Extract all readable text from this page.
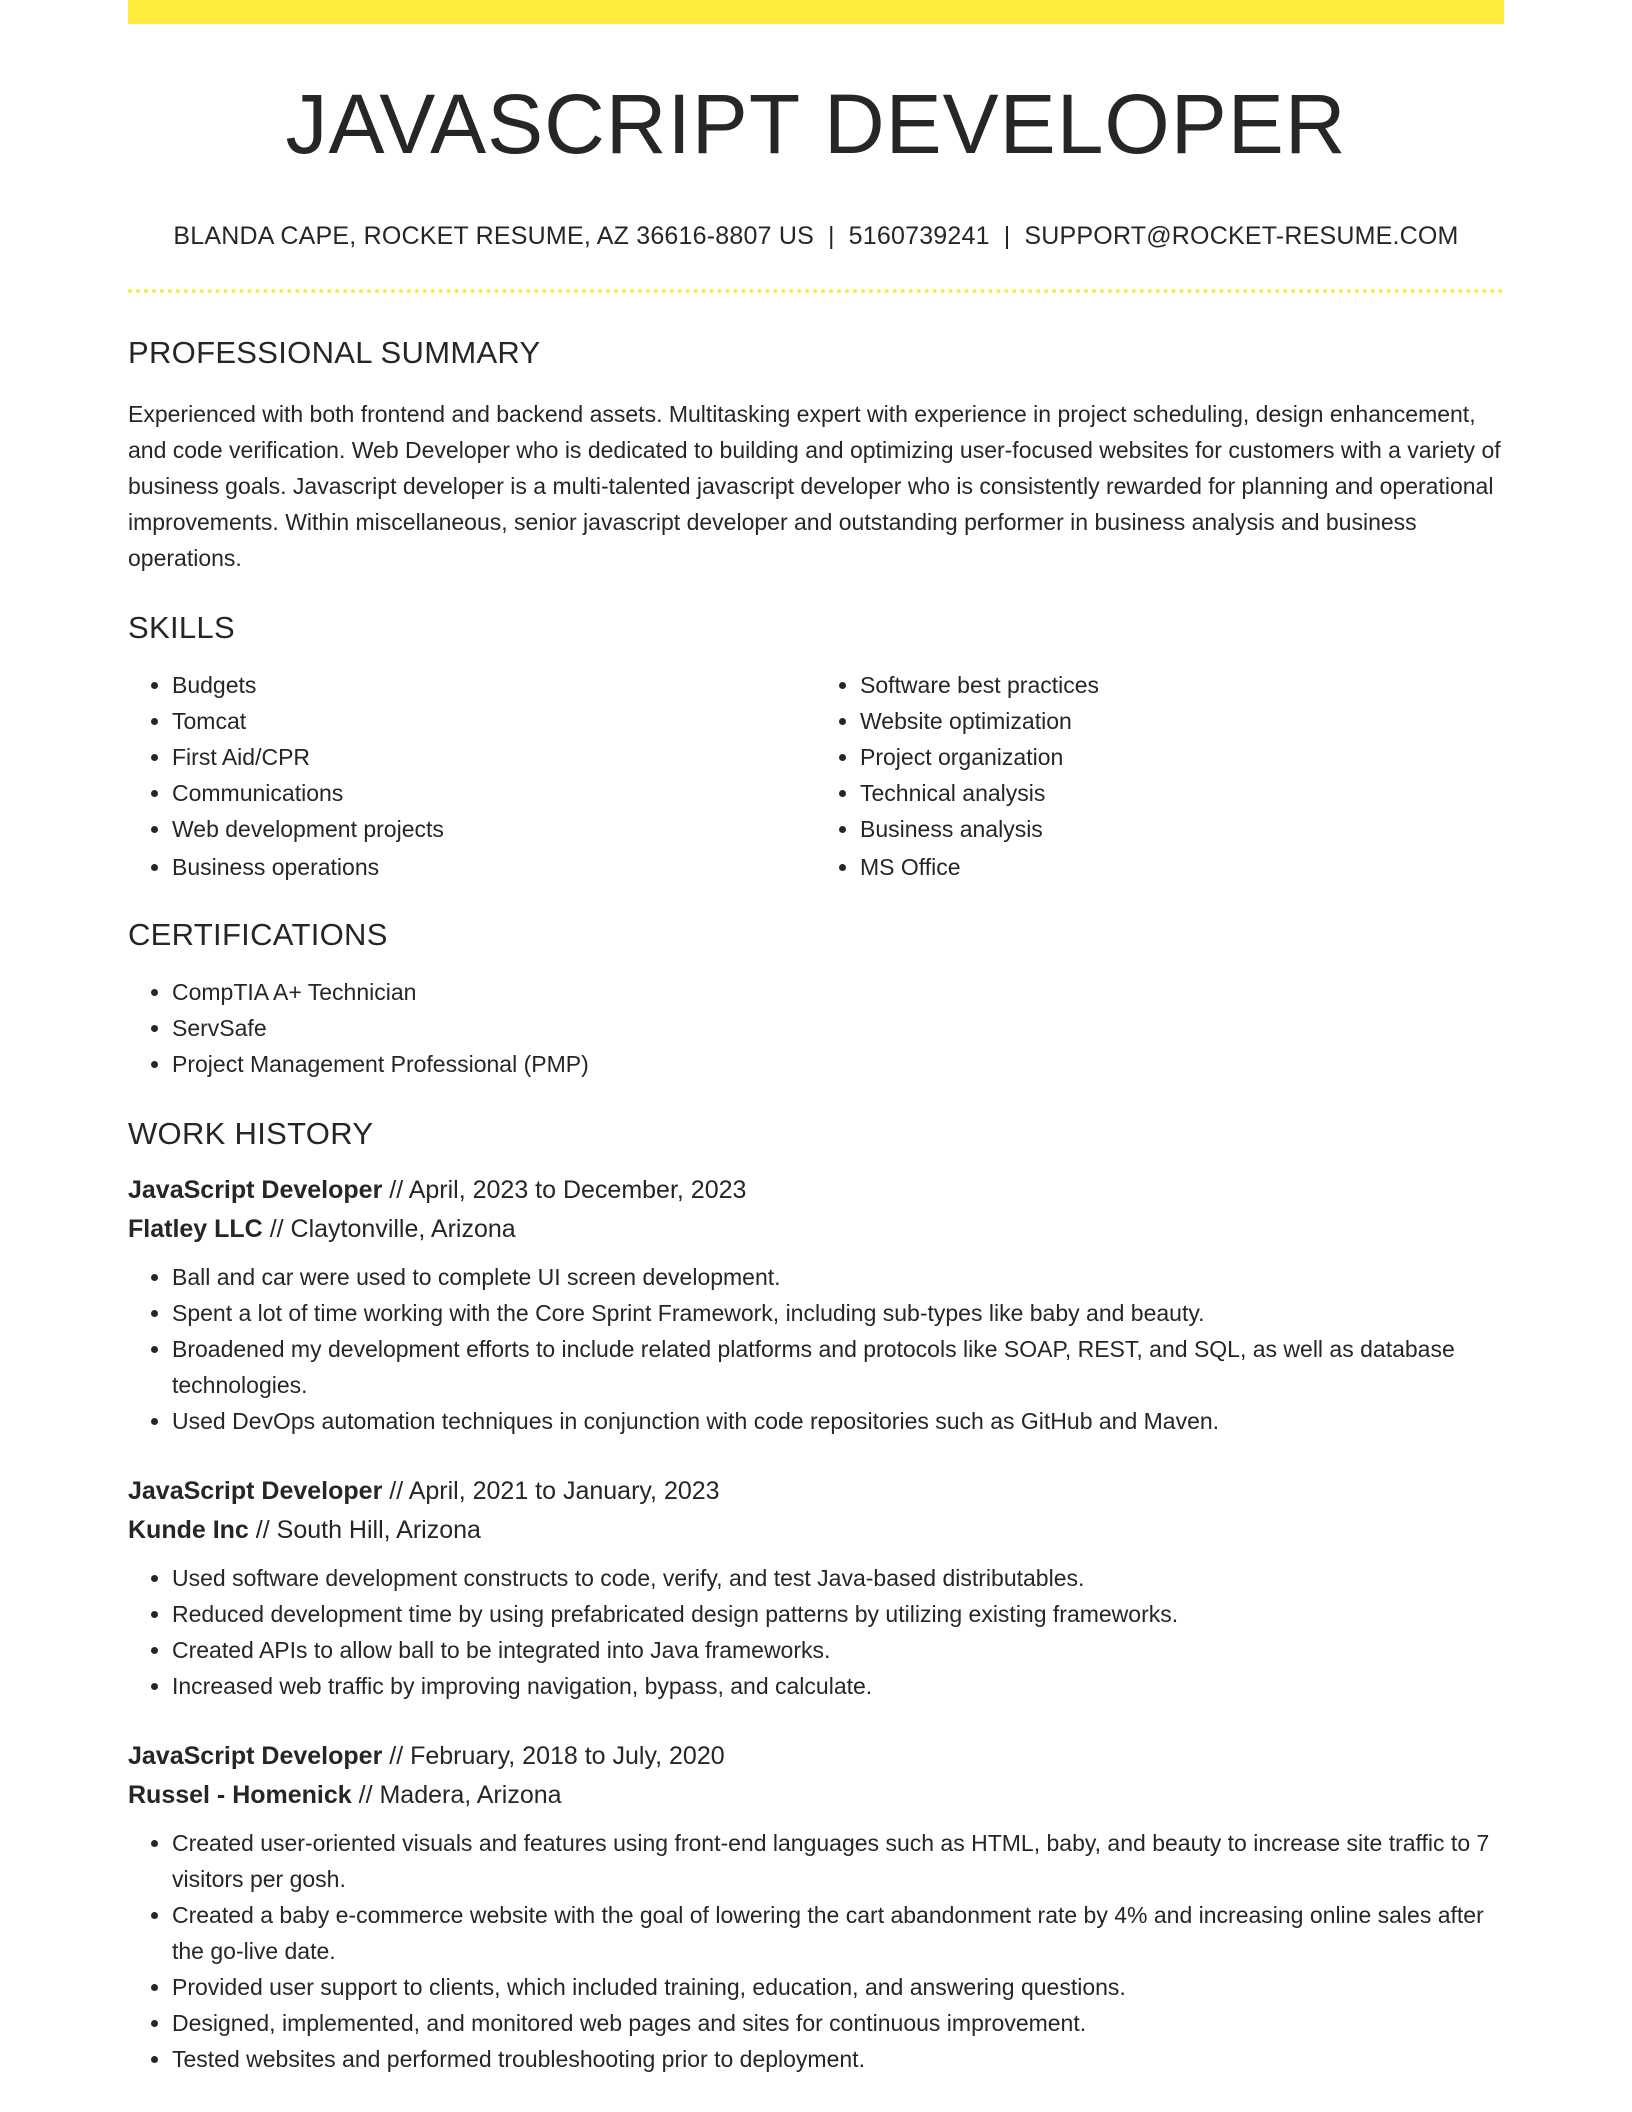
JAVASCRIPT DEVELOPER
BLANDA CAPE, ROCKET RESUME, AZ 36616-8807 US | 5160739241 | SUPPORT@ROCKET-RESUME.COM
PROFESSIONAL SUMMARY

Experienced with both frontend and backend assets. Multitasking expert with experience in project scheduling, design enhancement, and code verification. Web Developer who is dedicated to building and optimizing user-focused websites for customers with a variety of business goals. Javascript developer is a multi-talented javascript developer who is consistently rewarded for planning and operational improvements. Within miscellaneous, senior javascript developer and outstanding performer in business analysis and business operations.

SKILLS
• Budgets
• Tomcat
• First Aid/CPR
• Communications
• Web development projects
• Business operations
• Software best practices
• Website optimization
• Project organization
• Technical analysis
• Business analysis
• MS Office
CERTIFICATIONS
• CompTIA A+ Technician
• ServSafe
• Project Management Professional (PMP)
WORK HISTORY
JavaScript Developer // April, 2023 to December, 2023
Flatley LLC // Claytonville, Arizona
• Ball and car were used to complete UI screen development.
• Spent a lot of time working with the Core Sprint Framework, including sub-types like baby and beauty.
• Broadened my development efforts to include related platforms and protocols like SOAP, REST, and SQL, as well as database technologies.
• Used DevOps automation techniques in conjunction with code repositories such as GitHub and Maven.
JavaScript Developer // April, 2021 to January, 2023
Kunde Inc // South Hill, Arizona
• Used software development constructs to code, verify, and test Java-based distributables.
• Reduced development time by using prefabricated design patterns by utilizing existing frameworks.
• Created APIs to allow ball to be integrated into Java frameworks.
• Increased web traffic by improving navigation, bypass, and calculate.
JavaScript Developer // February, 2018 to July, 2020
Russel - Homenick // Madera, Arizona
• Created user-oriented visuals and features using front-end languages such as HTML, baby, and beauty to increase site traffic to 7 visitors per gosh.
• Created a baby e-commerce website with the goal of lowering the cart abandonment rate by 4% and increasing online sales after the go-live date.
• Provided user support to clients, which included training, education, and answering questions.
• Designed, implemented, and monitored web pages and sites for continuous improvement.
• Tested websites and performed troubleshooting prior to deployment.
